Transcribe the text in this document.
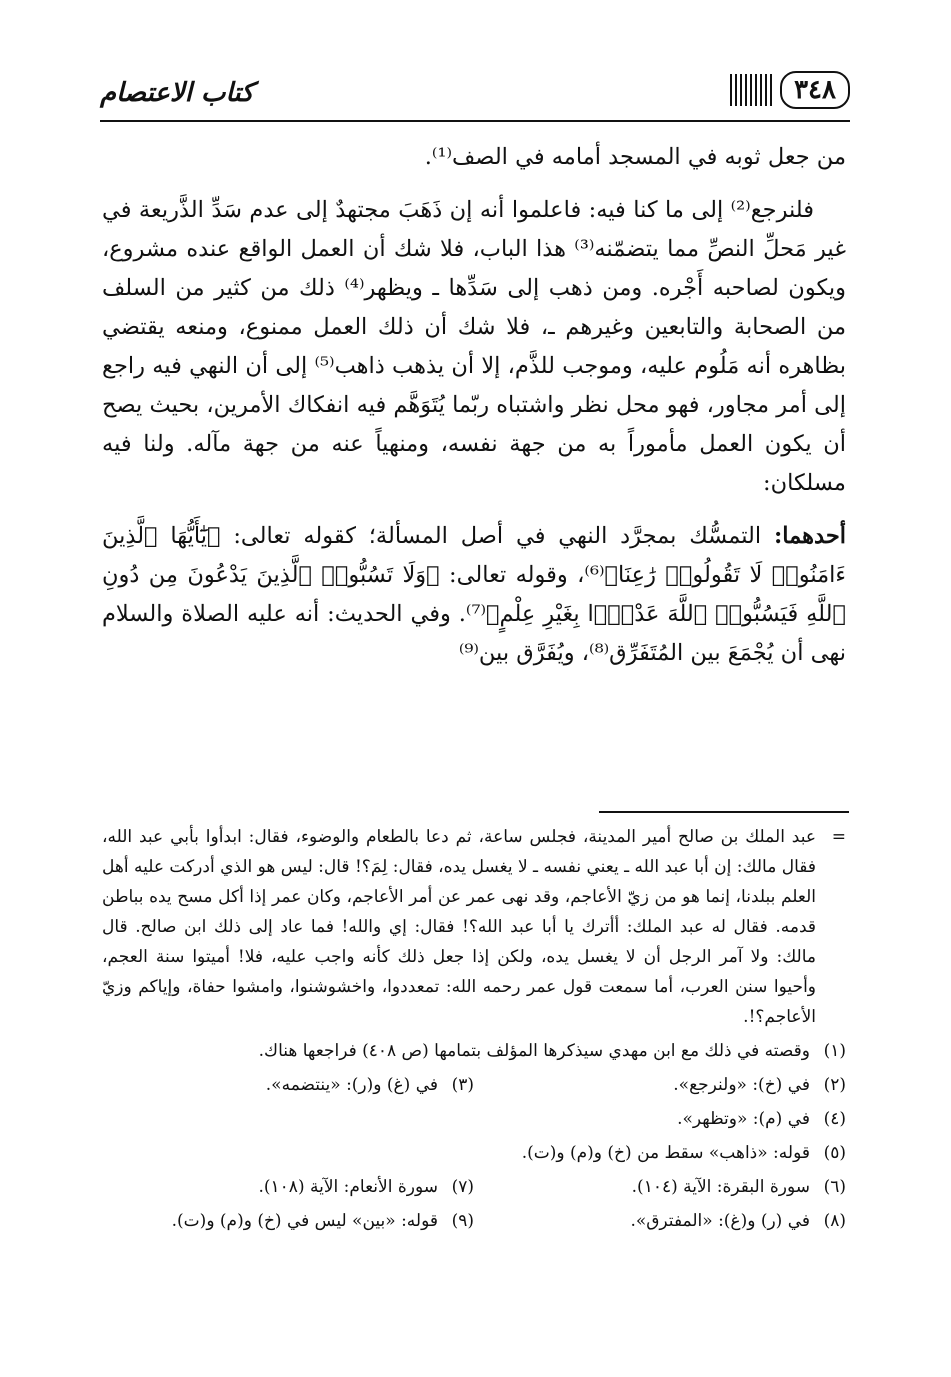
كتاب الاعتصام	٣٤٨

من جعل ثوبه في المسجد أمامه في الصف⁽¹⁾.

فلنرجع⁽²⁾ إلى ما كنا فيه: فاعلموا أنه إن ذَهَبَ مجتهدٌ إلى عدم سَدِّ الذَّريعة في غير مَحلِّ النصِّ مما يتضمّنه⁽³⁾ هذا الباب، فلا شك أن العمل الواقع عنده مشروع، ويكون لصاحبه أَجْره. ومن ذهب إلى سَدِّها ـ ويظهر⁽⁴⁾ ذلك من كثير من السلف من الصحابة والتابعين وغيرهم ـ، فلا شك أن ذلك العمل ممنوع، ومنعه يقتضي بظاهره أنه مَلُوم عليه، وموجب للذَّم، إلا أن يذهب ذاهب⁽⁵⁾ إلى أن النهي فيه راجع إلى أمر مجاور، فهو محل نظر واشتباه ربّما يُتَوَهَّم فيه انفكاك الأمرين، بحيث يصح أن يكون العمل مأموراً به من جهة نفسه، ومنهياً عنه من جهة مآله. ولنا فيه مسلكان:

أحدهما: التمسُّك بمجرَّد النهي في أصل المسألة؛ كقوله تعالى: ﴿يَٰٓأَيُّهَا ٱلَّذِينَ ءَامَنُوا۟ لَا تَقُولُوا۟ رَٰعِنَا﴾⁽⁶⁾، وقوله تعالى: ﴿وَلَا تَسُبُّوا۟ ٱلَّذِينَ يَدْعُونَ مِن دُونِ ٱللَّهِ فَيَسُبُّوا۟ ٱللَّهَ عَدْوًۢا بِغَيْرِ عِلْمٍ﴾⁽⁷⁾. وفي الحديث: أنه عليه الصلاة والسلام نهى أن يُجْمَعَ بين المُتَفَرِّق⁽⁸⁾، ويُفَرَّق بين⁽⁹⁾

=
عبد الملك بن صالح أمير المدينة، فجلس ساعة، ثم دعا بالطعام والوضوء، فقال: ابدأوا بأبي عبد الله، فقال مالك: إن أبا عبد الله ـ يعني نفسه ـ لا يغسل يده، فقال: لِمَ؟! قال: ليس هو الذي أدركت عليه أهل العلم ببلدنا، إنما هو من زيّ الأعاجم، وقد نهى عمر عن أمر الأعاجم، وكان عمر إذا أكل مسح يده بباطن قدمه. فقال له عبد الملك: أأترك يا أبا عبد الله؟! فقال: إي والله! فما عاد إلى ذلك ابن صالح. قال مالك: ولا آمر الرجل أن لا يغسل يده، ولكن إذا جعل ذلك كأنه واجب عليه، فلا! أميتوا سنة العجم، وأحيوا سنن العرب، أما سمعت قول عمر رحمه الله: تمعددوا، واخشوشنوا، وامشوا حفاة، وإياكم وزيّ الأعاجم؟!.
(١)
وقصته في ذلك مع ابن مهدي سيذكرها المؤلف بتمامها (ص ٤٠٨) فراجعها هناك.
(٢)
في (خ): «ولنرجع».
(٣)
في (غ) و(ر): «ينتضمه».
(٤)
في (م): «وتظهر».
(٥)
قوله: «ذاهب» سقط من (خ) و(م) و(ت).
(٦)
سورة البقرة: الآية (١٠٤).
(٧)
سورة الأنعام: الآية (١٠٨).
(٨)
في (ر) و(غ): «المفترق».
(٩)
قوله: «بين» ليس في (خ) و(م) و(ت).
